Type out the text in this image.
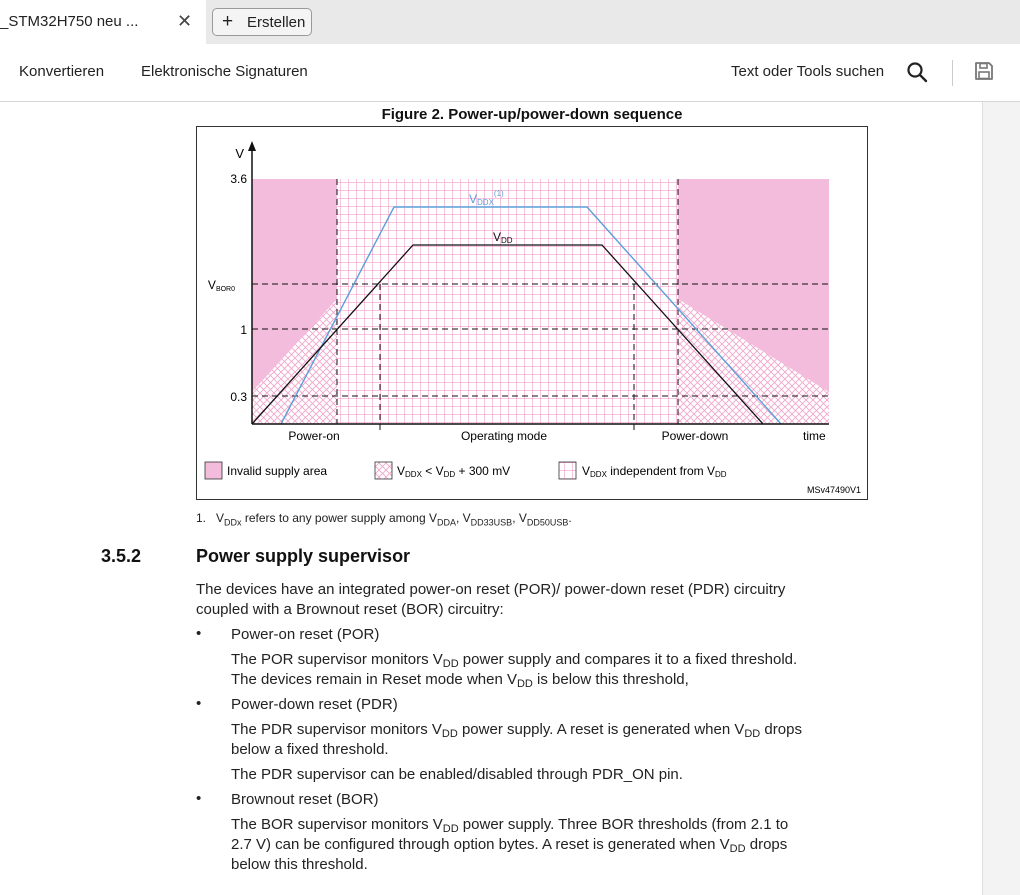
_STM32H750 neu ... ✕ + Erstellen
Konvertieren Elektronische Signaturen	Text oder Tools suchen
Figure 2. Power-up/power-down sequence
V
3.6
VBOR0
1
0.3
time
VDDX$^{(1)}$
VDD
Power-on	Operating mode	Power-down
Invalid supply area	VDDX < VDD + 300 mV	VDDX independent from VDD
MSv47490V1
1. $V_{DDx}$ refers to any power supply among $V_{DDA}$, $V_{DD33USB}$, $V_{DD50USB}$.
3.5.2	Power supply supervisor
The devices have an integrated power-on reset (POR)/ power-down reset (PDR) circuitry
coupled with a Brownout reset (BOR) circuitry:
• Power-on reset (POR)
The POR supervisor monitors $V_{DD}$ power supply and compares it to a fixed threshold.
The devices remain in Reset mode when $V_{DD}$ is below this threshold,
• Power-down reset (PDR)
The PDR supervisor monitors $V_{DD}$ power supply. A reset is generated when $V_{DD}$ drops
below a fixed threshold.
The PDR supervisor can be enabled/disabled through PDR_ON pin.
• Brownout reset (BOR)
The BOR supervisor monitors $V_{DD}$ power supply. Three BOR thresholds (from 2.1 to
2.7 V) can be configured through option bytes. A reset is generated when $V_{DD}$ drops
below this threshold.
